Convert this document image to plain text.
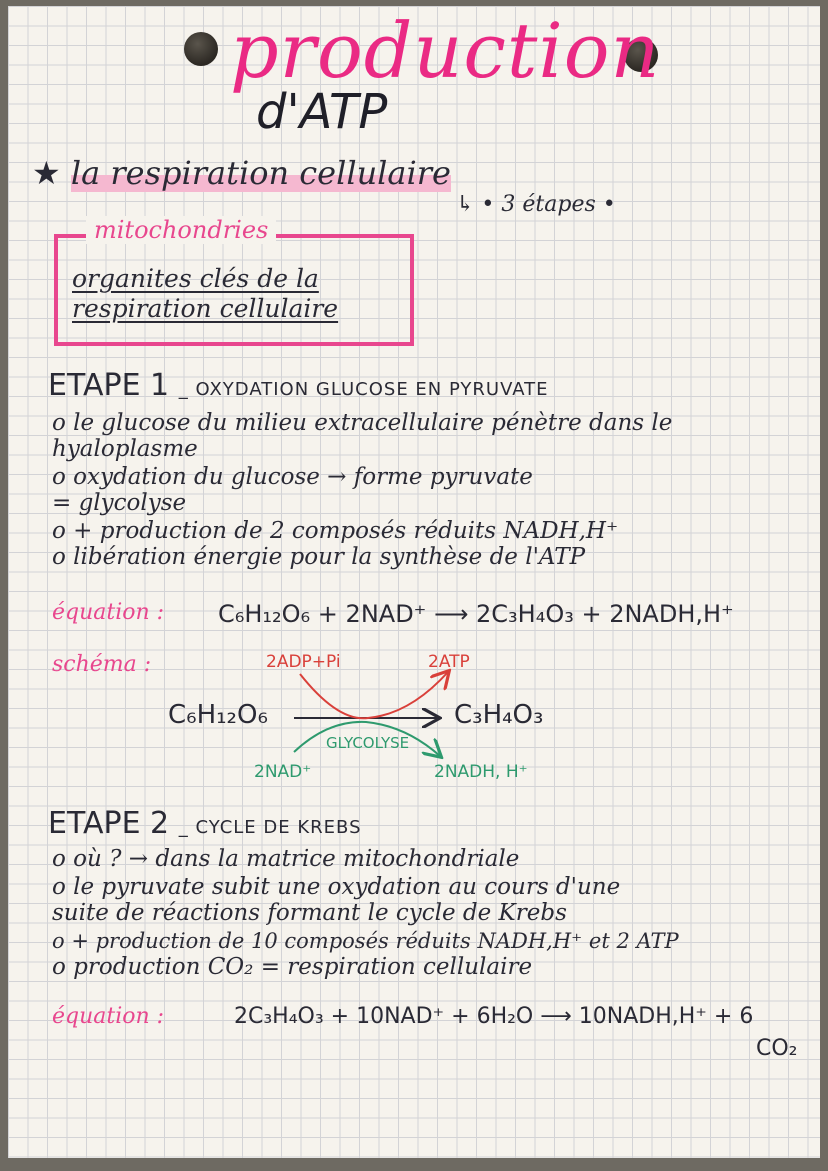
production
d'ATP
★ la respiration cellulaire
↳ • 3 étapes •
mitochondries
organites clés de la
respiration cellulaire
ETAPE 1 _ OXYDATION GLUCOSE EN PYRUVATE
o le glucose du milieu extracellulaire pénètre dans le
hyaloplasme
o oxydation du glucose → forme pyruvate
= glycolyse
o + production de 2 composés réduits NADH,H⁺
o libération énergie pour la synthèse de l'ATP
équation : C₆H₁₂O₆ + 2NAD⁺ ⟶ 2C₃H₄O₃ + 2NADH,H⁺
schéma :
C₆H₁₂O₆	C₃H₄O₃
GLYCOLYSE
2ADP+Pi	2ATP
2NAD⁺	2NADH, H⁺
ETAPE 2 _ CYCLE DE KREBS
o où ? → dans la matrice mitochondriale
o le pyruvate subit une oxydation au cours d'une
suite de réactions formant le cycle de Krebs
o + production de 10 composés réduits NADH,H⁺ et 2 ATP
o production CO₂ = respiration cellulaire
équation :	2C₃H₄O₃ + 10NAD⁺ + 6H₂O ⟶ 10NADH,H⁺ + 6
CO₂
